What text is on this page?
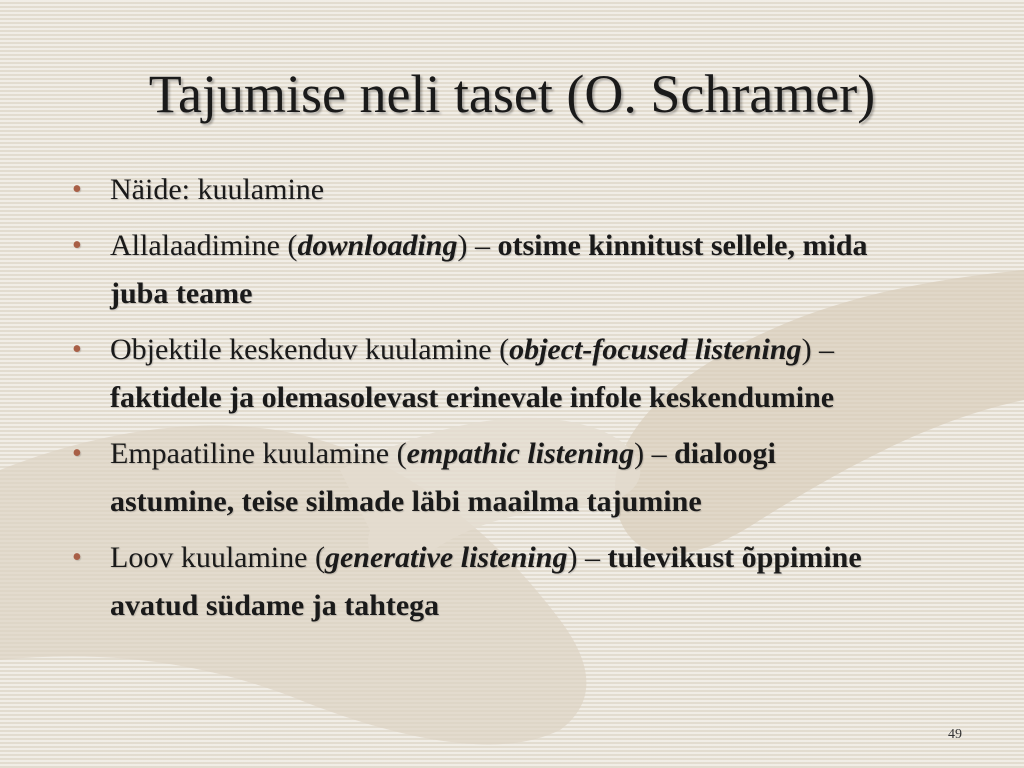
Tajumise neli taset (O. Schramer)
• Näide: kuulamine
• Allalaadimine (downloading) – otsime kinnitust sellele, mida juba teame
• Objektile keskenduv kuulamine (object-focused listening) – faktidele ja olemasolevast erinevale infole keskendumine
• Empaatiline kuulamine (empathic listening) – dialoogi astumine, teise silmade läbi maailma tajumine
• Loov kuulamine (generative listening) – tulevikust õppimine avatud südame ja tahtega
49
